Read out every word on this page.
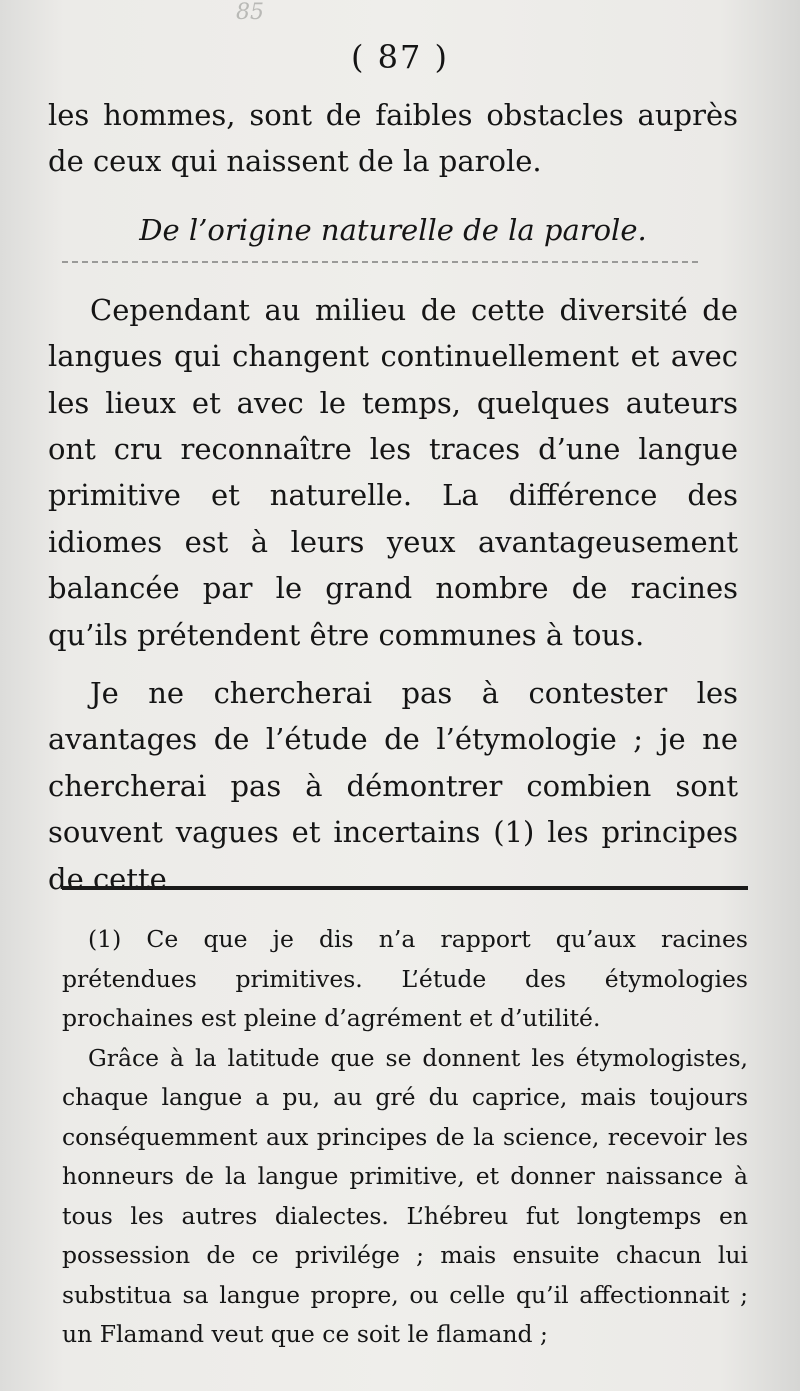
85
( 87 )

les hommes, sont de faibles obstacles auprès de ceux qui naissent de la parole.

De l’origine naturelle de la parole.

Cependant au milieu de cette diversité de langues qui changent continuellement et avec les lieux et avec le temps, quelques auteurs ont cru reconnaître les traces d’une langue primitive et naturelle. La différence des idiomes est à leurs yeux avantageusement balancée par le grand nombre de racines qu’ils prétendent être communes à tous.

Je ne chercherai pas à contester les avantages de l’étude de l’étymologie ; je ne chercherai pas à démontrer combien sont souvent vagues et incertains (1) les principes de cette

(1) Ce que je dis n’a rapport qu’aux racines prétendues primitives. L’étude des étymologies prochaines est pleine d’agrément et d’utilité.

Grâce à la latitude que se donnent les étymologistes, chaque langue a pu, au gré du caprice, mais toujours conséquemment aux principes de la science, recevoir les honneurs de la langue primitive, et donner naissance à tous les autres dialectes. L’hébreu fut longtemps en possession de ce privilége ; mais ensuite chacun lui substitua sa langue propre, ou celle qu’il affectionnait ; un Flamand veut que ce soit le flamand ;
